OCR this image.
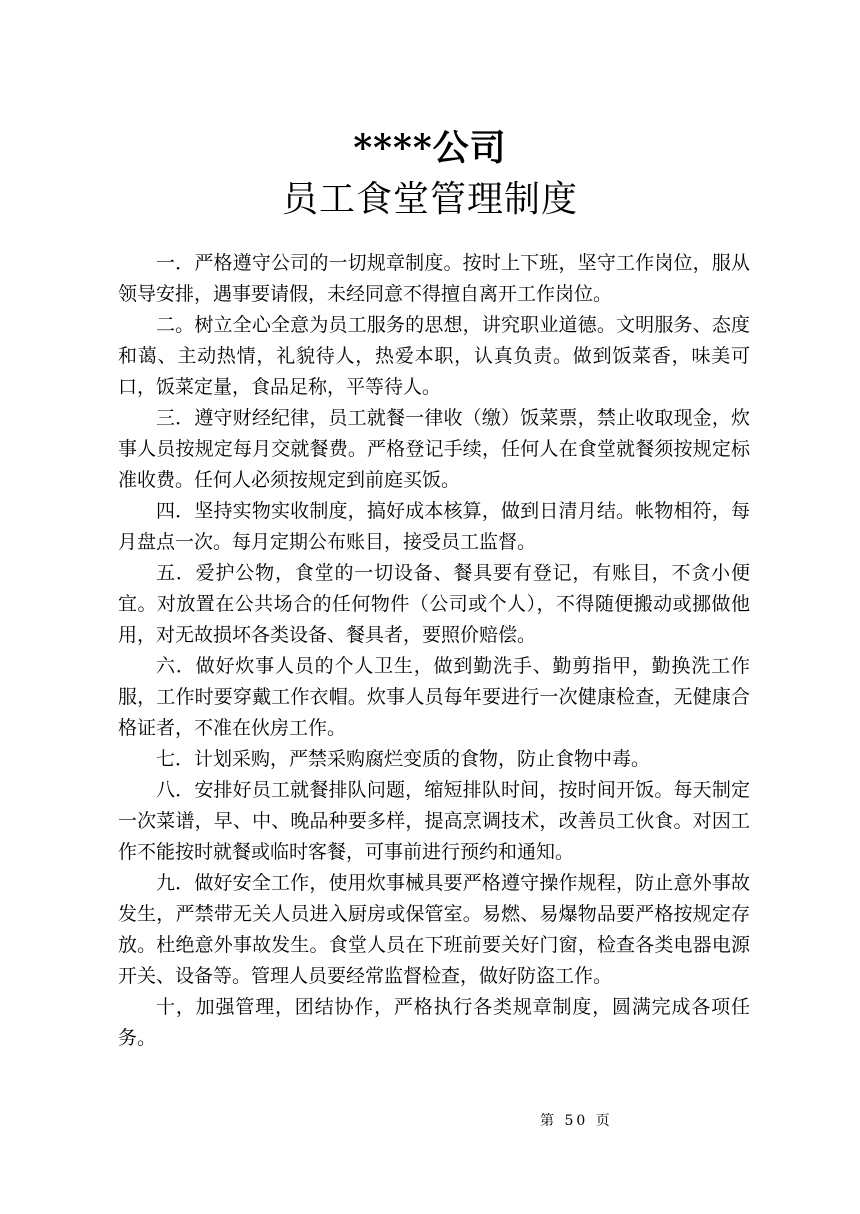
****公司
员工食堂管理制度

一．严格遵守公司的一切规章制度。按时上下班，坚守工作岗位，服从领导安排，遇事要请假，未经同意不得擅自离开工作岗位。

二。树立全心全意为员工服务的思想，讲究职业道德。文明服务、态度和蔼、主动热情，礼貌待人，热爱本职，认真负责。做到饭菜香，味美可口，饭菜定量，食品足称，平等待人。

三．遵守财经纪律，员工就餐一律收（缴）饭菜票，禁止收取现金，炊事人员按规定每月交就餐费。严格登记手续，任何人在食堂就餐须按规定标准收费。任何人必须按规定到前庭买饭。

四．坚持实物实收制度，搞好成本核算，做到日清月结。帐物相符，每月盘点一次。每月定期公布账目，接受员工监督。

五．爱护公物，食堂的一切设备、餐具要有登记，有账目，不贪小便宜。对放置在公共场合的任何物件（公司或个人），不得随便搬动或挪做他用，对无故损坏各类设备、餐具者，要照价赔偿。

六．做好炊事人员的个人卫生，做到勤洗手、勤剪指甲，勤换洗工作服，工作时要穿戴工作衣帽。炊事人员每年要进行一次健康检查，无健康合格证者，不准在伙房工作。

七．计划采购，严禁采购腐烂变质的食物，防止食物中毒。

八．安排好员工就餐排队问题，缩短排队时间，按时间开饭。每天制定一次菜谱，早、中、晚品种要多样，提高烹调技术，改善员工伙食。对因工作不能按时就餐或临时客餐，可事前进行预约和通知。

九．做好安全工作，使用炊事械具要严格遵守操作规程，防止意外事故发生，严禁带无关人员进入厨房或保管室。易燃、易爆物品要严格按规定存放。杜绝意外事故发生。食堂人员在下班前要关好门窗，检查各类电器电源开关、设备等。管理人员要经常监督检查，做好防盗工作。

十，加强管理，团结协作，严格执行各类规章制度，圆满完成各项任务。

第 50 页
